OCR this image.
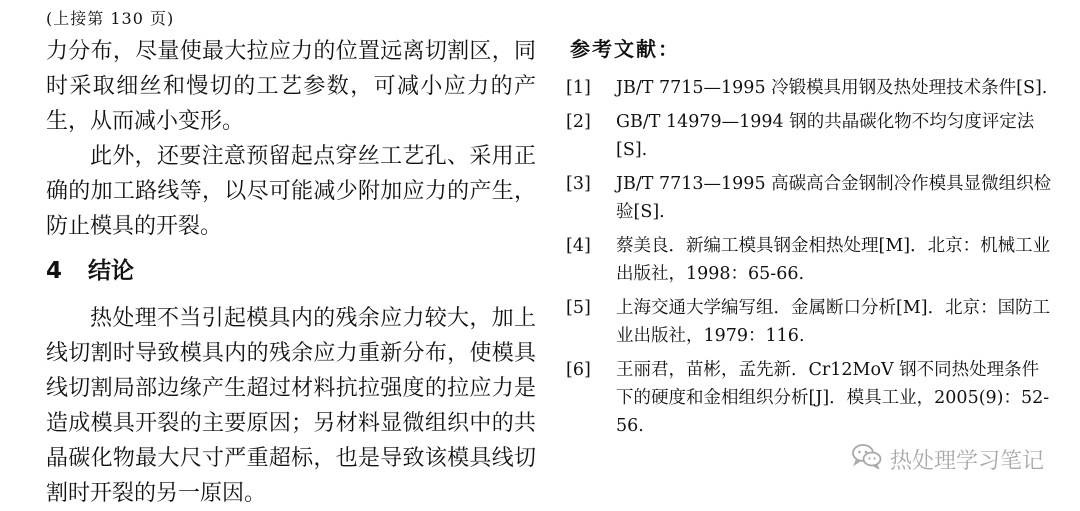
(上接第 130 页)

力分布，尽量使最大拉应力的位置远离切割区，同时采取细丝和慢切的工艺参数，可减小应力的产生，从而减小变形。

此外，还要注意预留起点穿丝工艺孔、采用正确的加工路线等，以尽可能减少附加应力的产生，防止模具的开裂。

4 结论

热处理不当引起模具内的残余应力较大，加上线切割时导致模具内的残余应力重新分布，使模具线切割局部边缘产生超过材料抗拉强度的拉应力是造成模具开裂的主要原因；另材料显微组织中的共晶碳化物最大尺寸严重超标，也是导致该模具线切割时开裂的另一原因。

参考文献：
[1]	JB/T 7715—1995 冷锻模具用钢及热处理技术条件[S].
[2]	GB/T 14979—1994 钢的共晶碳化物不均匀度评定法[S].
[3]	JB/T 7713—1995 高碳高合金钢制冷作模具显微组织检验[S].
[4]	蔡美良．新编工模具钢金相热处理[M]．北京：机械工业出版社，1998：65-66.
[5]	上海交通大学编写组．金属断口分析[M]．北京：国防工业出版社，1979：116.
[6]	王丽君，苗彬，孟先新．Cr12MoV 钢不同热处理条件下的硬度和金相组织分析[J]．模具工业，2005(9)：52-56.
热处理学习笔记
